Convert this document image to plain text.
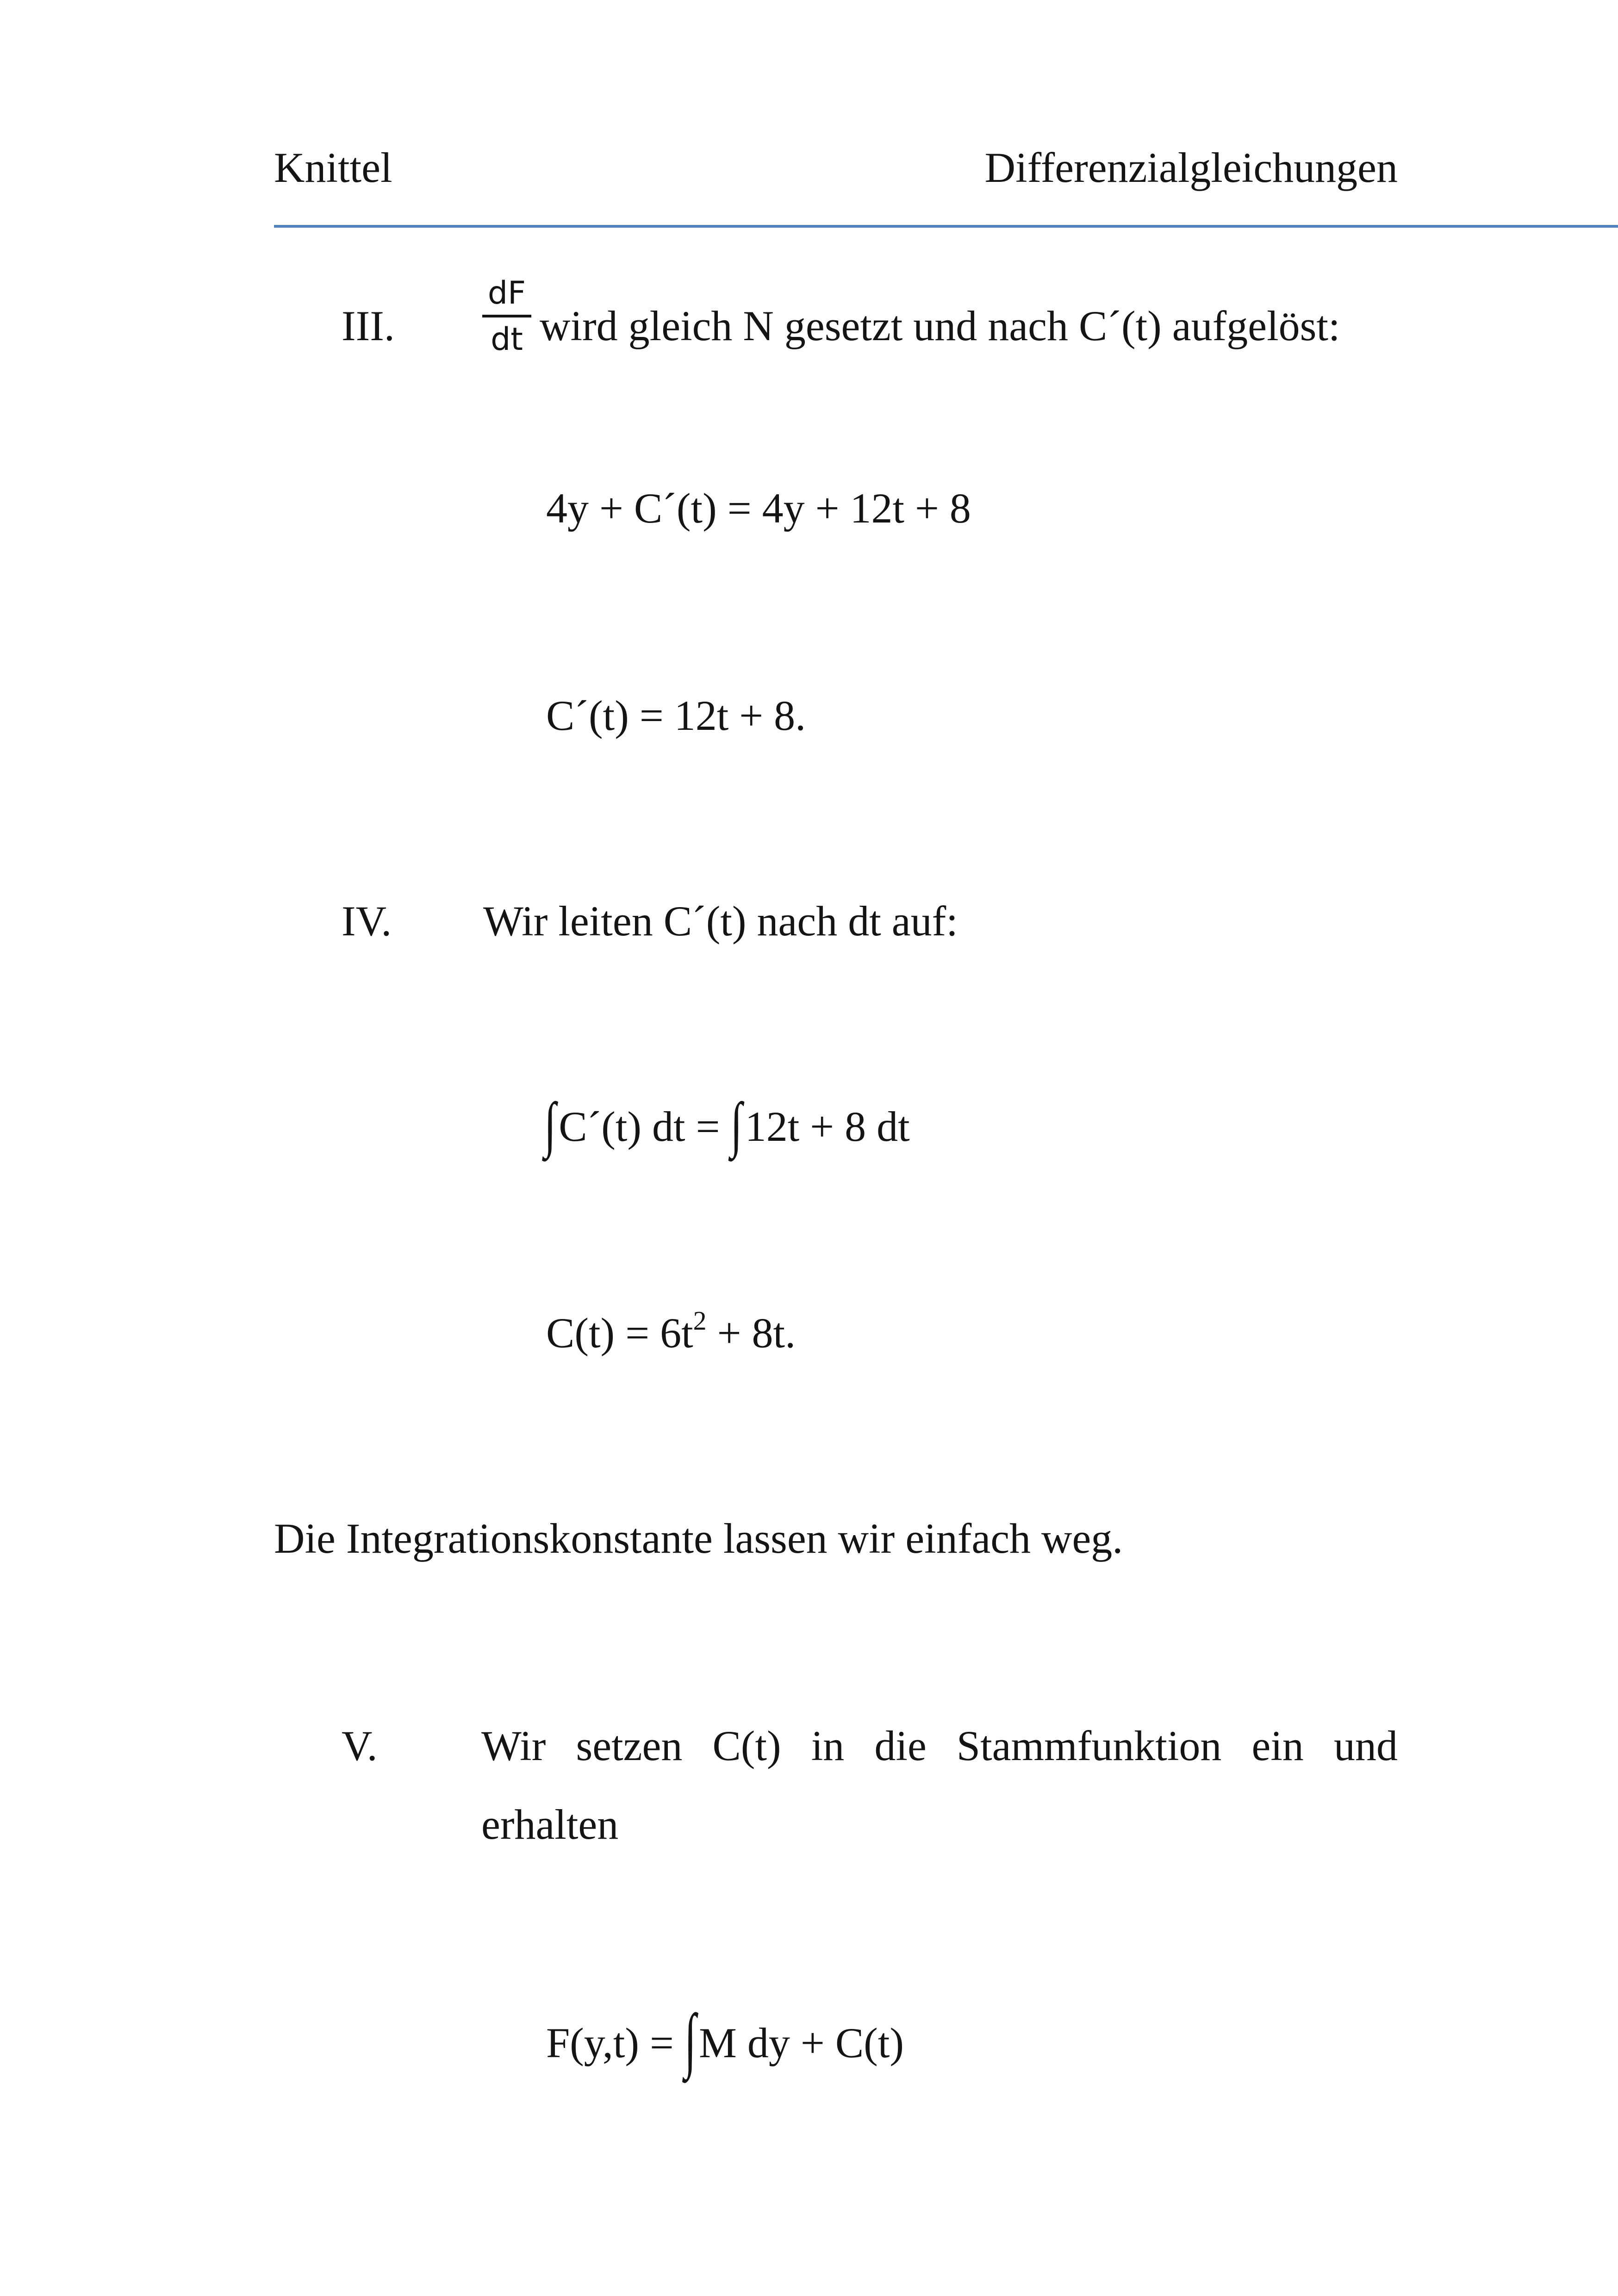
Knittel	Differenzialgleichungen
III.
dF
dt wird gleich N gesetzt und nach C´(t) aufgelöst:
4y + C´(t) = 4y + 12t + 8
C´(t) = 12t + 8.
IV. Wir leiten C´(t) nach dt auf:
∫C´(t) dt = ∫12t + 8 dt
$C(t) = 6t^2 + 8t$.
Die Integrationskonstante lassen wir einfach weg.
V. Wir setzen C(t) in die Stammfunktion ein und
erhalten
F(y,t) = ∫M dy + C(t)
